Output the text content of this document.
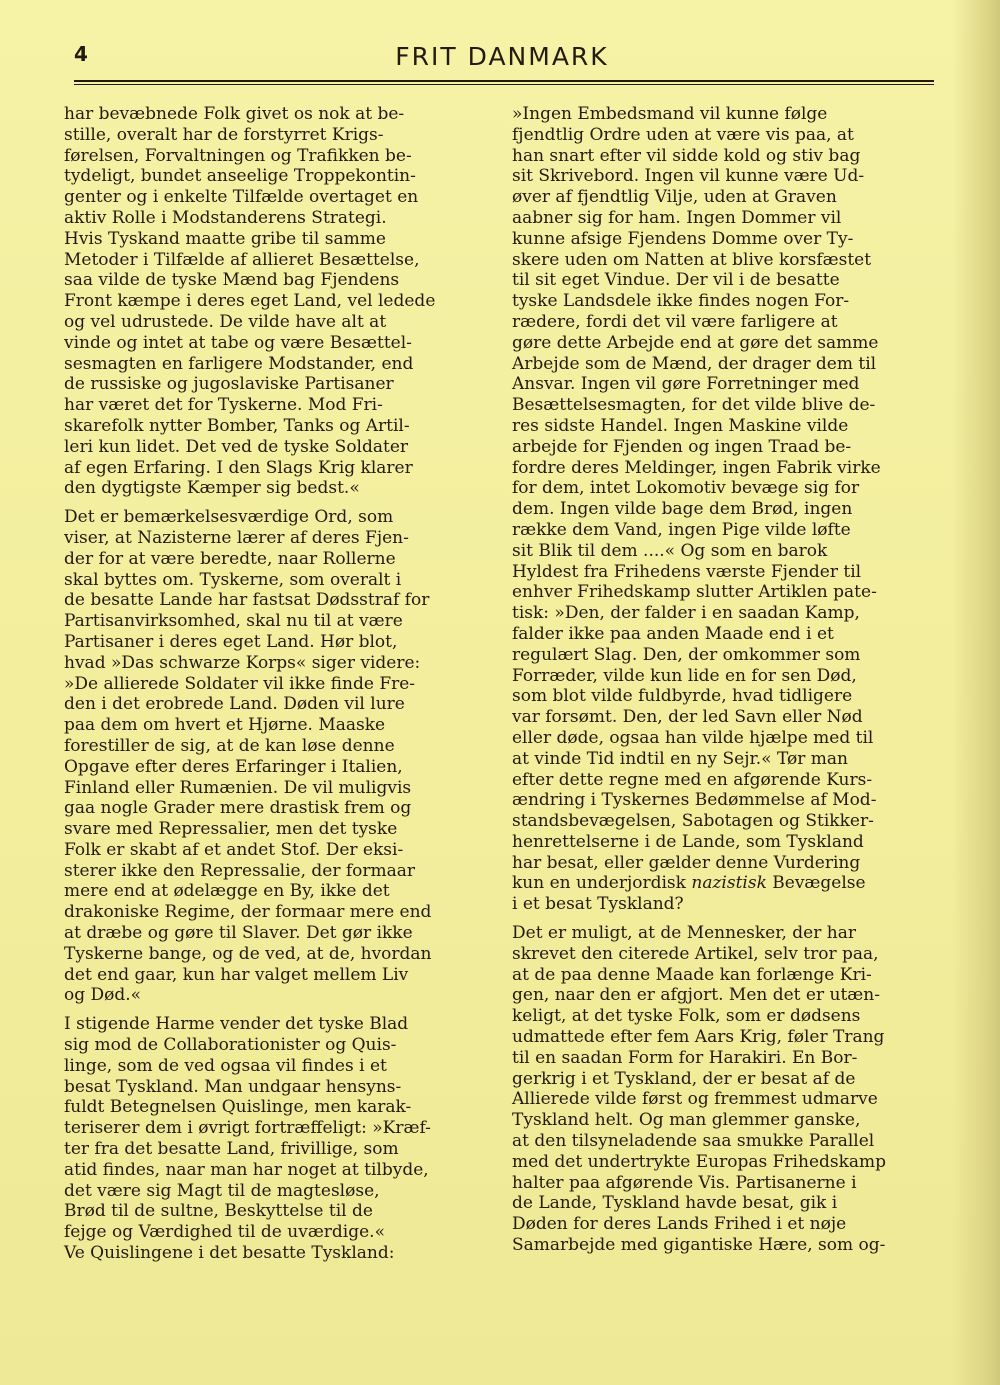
4	FRIT DANMARK

har bevæbnede Folk givet os nok at be-
stille, overalt har de forstyrret Krigs-
førelsen, Forvaltningen og Trafikken be-
tydeligt, bundet anseelige Troppekontin-
genter og i enkelte Tilfælde overtaget en
aktiv Rolle i Modstanderens Strategi.
Hvis Tyskand maatte gribe til samme
Metoder i Tilfælde af allieret Besættelse,
saa vilde de tyske Mænd bag Fjendens
Front kæmpe i deres eget Land, vel ledede
og vel udrustede. De vilde have alt at
vinde og intet at tabe og være Besættel-
sesmagten en farligere Modstander, end
de russiske og jugoslaviske Partisaner
har været det for Tyskerne. Mod Fri-
skarefolk nytter Bomber, Tanks og Artil-
leri kun lidet. Det ved de tyske Soldater
af egen Erfaring. I den Slags Krig klarer
den dygtigste Kæmper sig bedst.«

Det er bemærkelsesværdige Ord, som
viser, at Nazisterne lærer af deres Fjen-
der for at være beredte, naar Rollerne
skal byttes om. Tyskerne, som overalt i
de besatte Lande har fastsat Dødsstraf for
Partisanvirksomhed, skal nu til at være
Partisaner i deres eget Land. Hør blot,
hvad »Das schwarze Korps« siger videre:
»De allierede Soldater vil ikke finde Fre-
den i det erobrede Land. Døden vil lure
paa dem om hvert et Hjørne. Maaske
forestiller de sig, at de kan løse denne
Opgave efter deres Erfaringer i Italien,
Finland eller Rumænien. De vil muligvis
gaa nogle Grader mere drastisk frem og
svare med Repressalier, men det tyske
Folk er skabt af et andet Stof. Der eksi-
sterer ikke den Repressalie, der formaar
mere end at ødelægge en By, ikke det
drakoniske Regime, der formaar mere end
at dræbe og gøre til Slaver. Det gør ikke
Tyskerne bange, og de ved, at de, hvordan
det end gaar, kun har valget mellem Liv
og Død.«

I stigende Harme vender det tyske Blad
sig mod de Collaborationister og Quis-
linge, som de ved ogsaa vil findes i et
besat Tyskland. Man undgaar hensyns-
fuldt Betegnelsen Quislinge, men karak-
teriserer dem i øvrigt fortræffeligt: »Kræf-
ter fra det besatte Land, frivillige, som
atid findes, naar man har noget at tilbyde,
det være sig Magt til de magtesløse,
Brød til de sultne, Beskyttelse til de
fejge og Værdighed til de uværdige.«
Ve Quislingene i det besatte Tyskland:

»Ingen Embedsmand vil kunne følge
fjendtlig Ordre uden at være vis paa, at
han snart efter vil sidde kold og stiv bag
sit Skrivebord. Ingen vil kunne være Ud-
øver af fjendtlig Vilje, uden at Graven
aabner sig for ham. Ingen Dommer vil
kunne afsige Fjendens Domme over Ty-
skere uden om Natten at blive korsfæstet
til sit eget Vindue. Der vil i de besatte
tyske Landsdele ikke findes nogen For-
rædere, fordi det vil være farligere at
gøre dette Arbejde end at gøre det samme
Arbejde som de Mænd, der drager dem til
Ansvar. Ingen vil gøre Forretninger med
Besættelsesmagten, for det vilde blive de-
res sidste Handel. Ingen Maskine vilde
arbejde for Fjenden og ingen Traad be-
fordre deres Meldinger, ingen Fabrik virke
for dem, intet Lokomotiv bevæge sig for
dem. Ingen vilde bage dem Brød, ingen
række dem Vand, ingen Pige vilde løfte
sit Blik til dem ....« Og som en barok
Hyldest fra Frihedens værste Fjender til
enhver Frihedskamp slutter Artiklen pate-
tisk: »Den, der falder i en saadan Kamp,
falder ikke paa anden Maade end i et
regulært Slag. Den, der omkommer som
Forræder, vilde kun lide en for sen Død,
som blot vilde fuldbyrde, hvad tidligere
var forsømt. Den, der led Savn eller Nød
eller døde, ogsaa han vilde hjælpe med til
at vinde Tid indtil en ny Sejr.« Tør man
efter dette regne med en afgørende Kurs-
ændring i Tyskernes Bedømmelse af Mod-
standsbevægelsen, Sabotagen og Stikker-
henrettelserne i de Lande, som Tyskland
har besat, eller gælder denne Vurdering
kun en underjordisk nazistisk Bevægelse
i et besat Tyskland?

Det er muligt, at de Mennesker, der har
skrevet den citerede Artikel, selv tror paa,
at de paa denne Maade kan forlænge Kri-
gen, naar den er afgjort. Men det er utæn-
keligt, at det tyske Folk, som er dødsens
udmattede efter fem Aars Krig, føler Trang
til en saadan Form for Harakiri. En Bor-
gerkrig i et Tyskland, der er besat af de
Allierede vilde først og fremmest udmarve
Tyskland helt. Og man glemmer ganske,
at den tilsyneladende saa smukke Parallel
med det undertrykte Europas Frihedskamp
halter paa afgørende Vis. Partisanerne i
de Lande, Tyskland havde besat, gik i
Døden for deres Lands Frihed i et nøje
Samarbejde med gigantiske Hære, som og-
